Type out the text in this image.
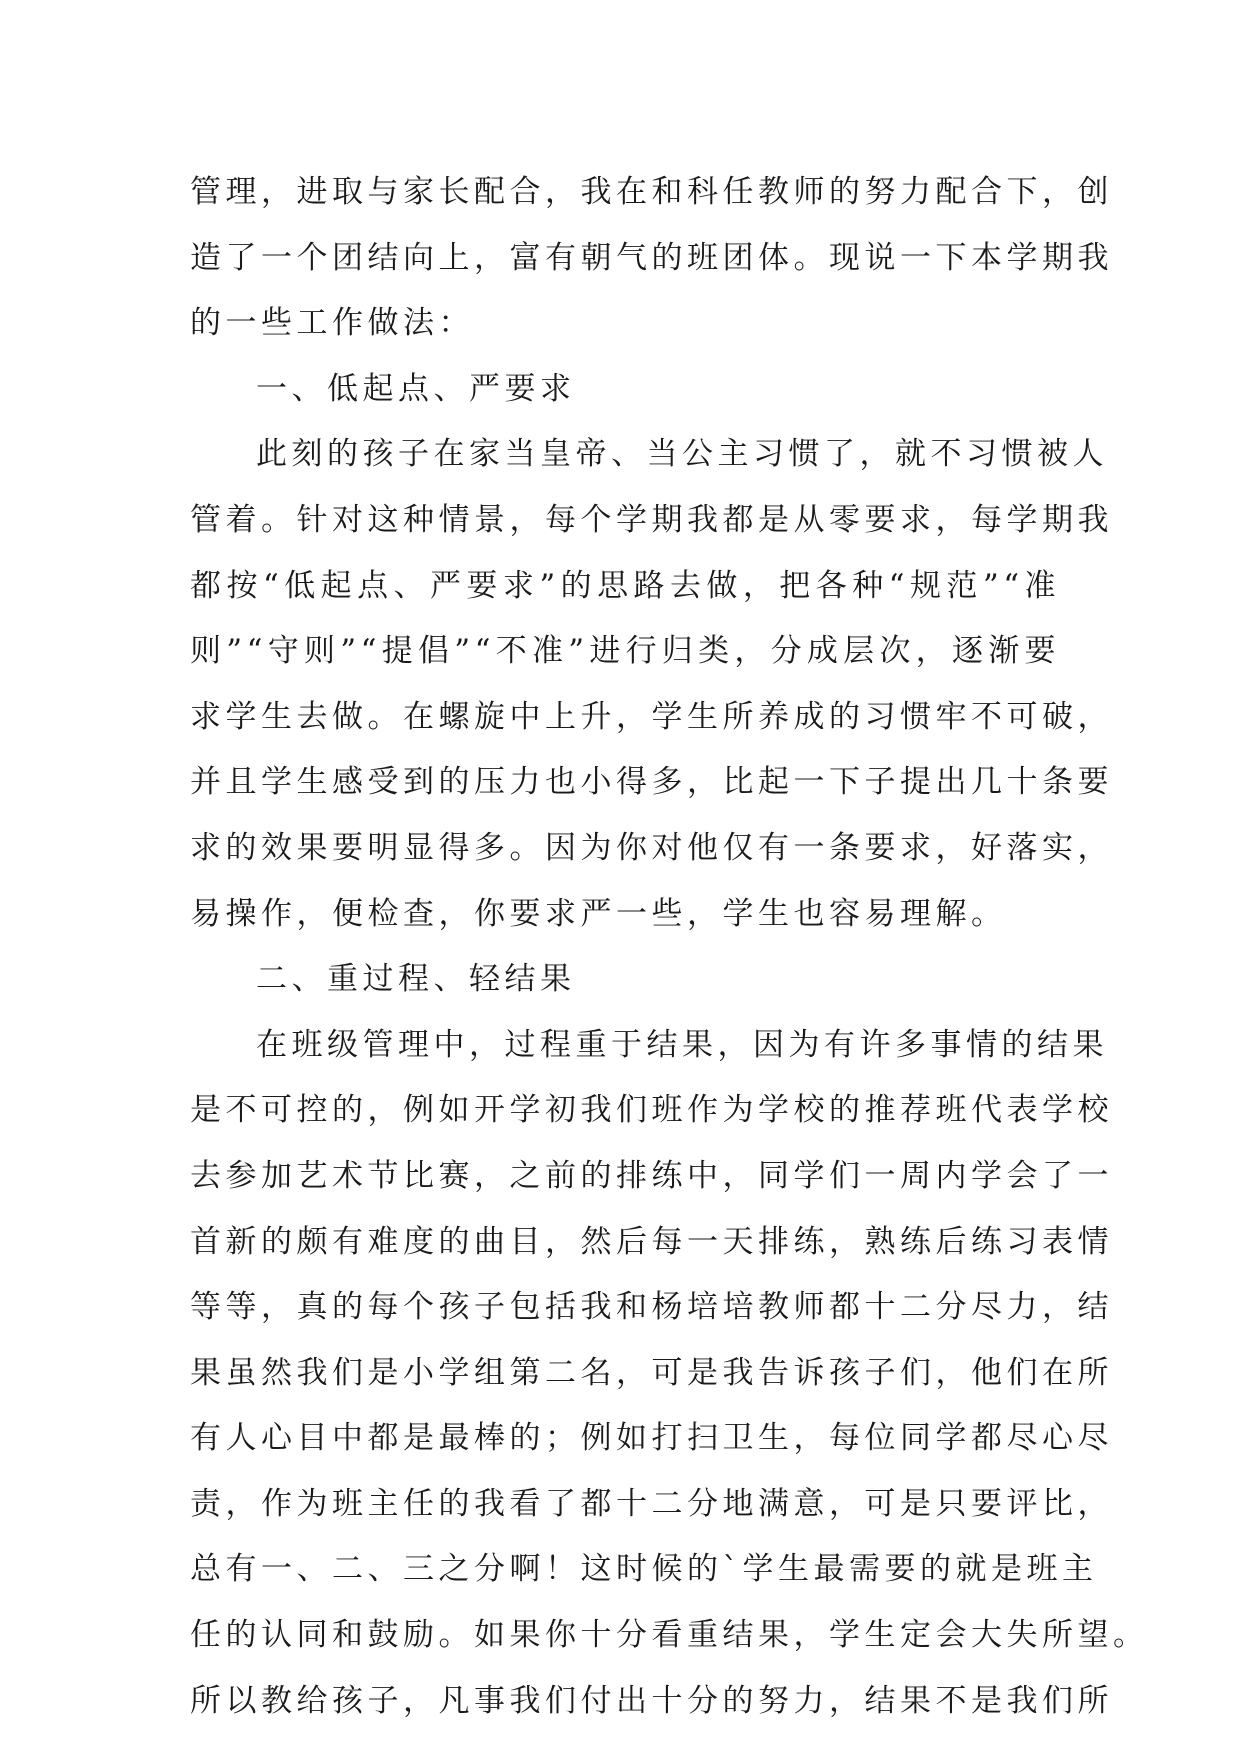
管理，进取与家长配合，我在和科任教师的努力配合下，创
造了一个团结向上，富有朝气的班团体。现说一下本学期我
的一些工作做法：
一、低起点、严要求
此刻的孩子在家当皇帝、当公主习惯了，就不习惯被人
管着。针对这种情景，每个学期我都是从零要求，每学期我
都按“低起点、严要求”的思路去做，把各种“规范”“准
则”“守则”“提倡”“不准”进行归类，分成层次，逐渐要
求学生去做。在螺旋中上升，学生所养成的习惯牢不可破，
并且学生感受到的压力也小得多，比起一下子提出几十条要
求的效果要明显得多。因为你对他仅有一条要求，好落实，
易操作，便检查，你要求严一些，学生也容易理解。
二、重过程、轻结果
在班级管理中，过程重于结果，因为有许多事情的结果
是不可控的，例如开学初我们班作为学校的推荐班代表学校
去参加艺术节比赛，之前的排练中，同学们一周内学会了一
首新的颇有难度的曲目，然后每一天排练，熟练后练习表情
等等，真的每个孩子包括我和杨培培教师都十二分尽力，结
果虽然我们是小学组第二名，可是我告诉孩子们，他们在所
有人心目中都是最棒的；例如打扫卫生，每位同学都尽心尽
责，作为班主任的我看了都十二分地满意，可是只要评比，
总有一、二、三之分啊！这时候的`学生最需要的就是班主
任的认同和鼓励。如果你十分看重结果，学生定会大失所望。
所以教给孩子，凡事我们付出十分的努力，结果不是我们所
